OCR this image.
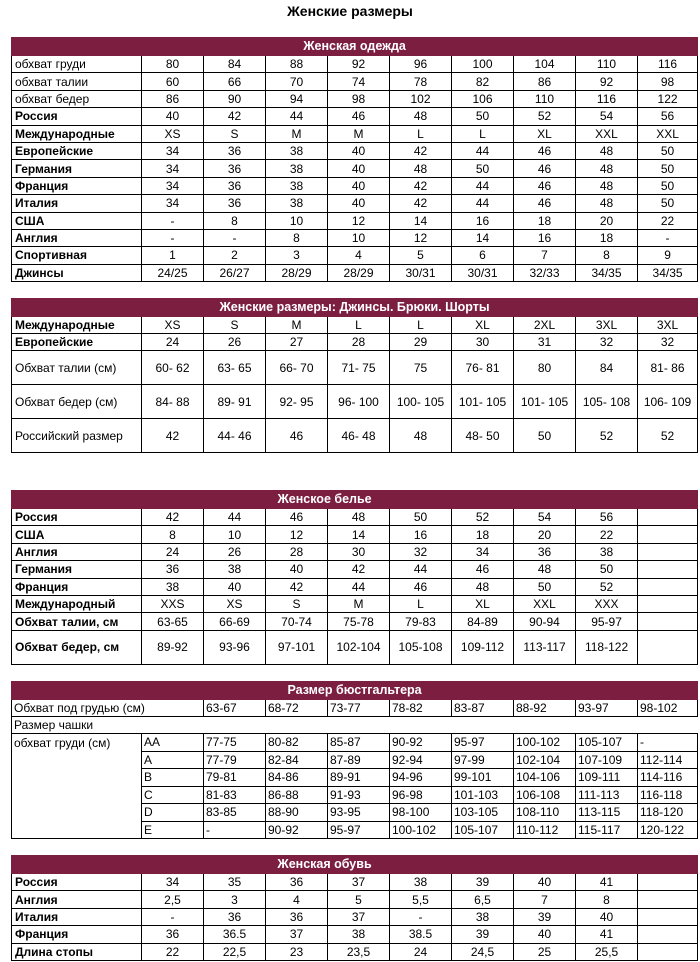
Женские размеры
Женская одежда									
обхват груди	80	84	88	92	96	100	104	110	116
обхват талии	60	66	70	74	78	82	86	92	98
обхват бедер	86	90	94	98	102	106	110	116	122
Россия	40	42	44	46	48	50	52	54	56
Международные	XS	S	M	M	L	L	XL	XXL	XXL
Европейские	34	36	38	40	42	44	46	48	50
Германия	34	36	38	40	48	50	46	48	50
Франция	34	36	38	40	42	44	46	48	50
Италия	34	36	38	40	42	44	46	48	50
США	-	8	10	12	14	16	18	20	22
Англия	-	-	8	10	12	14	16	18	-
Спортивная	1	2	3	4	5	6	7	8	9
Джинсы	24/25	26/27	28/29	28/29	30/31	30/31	32/33	34/35	34/35
Женские размеры: Джинсы. Брюки. Шорты									
Международные	XS	S	M	L	L	XL	2XL	3XL	3XL
Европейские	24	26	27	28	29	30	31	32	32
Обхват талии (см)	60- 62	63- 65	66- 70	71- 75	75	76- 81	80	84	81- 86
Обхват бедер (см)	84- 88	89- 91	92- 95	96- 100	100- 105	101- 105	101- 105	105- 108	106- 109
Российский размер	42	44- 46	46	46- 48	48	48- 50	50	52	52
Женское белье									
Россия	42	44	46	48	50	52	54	56	
США	8	10	12	14	16	18	20	22	
Англия	24	26	28	30	32	34	36	38	
Германия	36	38	40	42	44	46	48	50	
Франция	38	40	42	44	46	48	50	52	
Международный	XXS	XS	S	M	L	XL	XXL	XXX	
Обхват талии, см	63-65	66-69	70-74	75-78	79-83	84-89	90-94	95-97	
Обхват бедер, см	89-92	93-96	97-101	102-104	105-108	109-112	113-117	118-122	
Размер бюстгальтера									
Обхват под грудью (см)		63-67	68-72	73-77	78-82	83-87	88-92	93-97	98-102
Размер чашки									
обхват груди (см)	AA	77-75	80-82	85-87	90-92	95-97	100-102	105-107	-
	A	77-79	82-84	87-89	92-94	97-99	102-104	107-109	112-114
	B	79-81	84-86	89-91	94-96	99-101	104-106	109-111	114-116
	C	81-83	86-88	91-93	96-98	101-103	106-108	111-113	116-118
	D	83-85	88-90	93-95	98-100	103-105	108-110	113-115	118-120
	E	-	90-92	95-97	100-102	105-107	110-112	115-117	120-122
Женская обувь									
Россия	34	35	36	37	38	39	40	41	
Англия	2,5	3	4	5	5,5	6,5	7	8	
Италия	-	36	36	37	-	38	39	40	
Франция	36	36.5	37	38	38.5	39	40	41	
Длина стопы	22	22,5	23	23,5	24	24,5	25	25,5	
